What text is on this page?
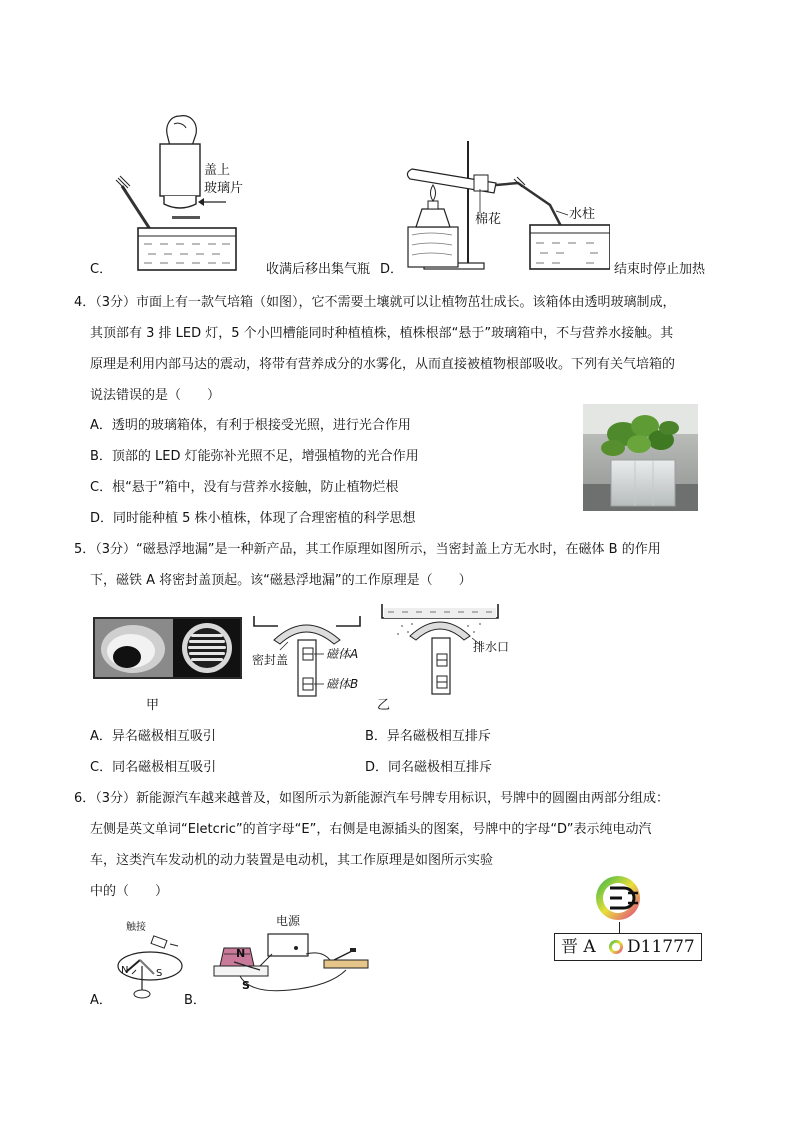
盖上
玻璃片
棉花	水柱
C．	收满后移出集气瓶 D．	结束时停止加热
4．（3分）市面上有一款气培箱（如图），它不需要土壤就可以让植物茁壮成长。该箱体由透明玻璃制成，
其顶部有 3 排 LED 灯，5 个小凹槽能同时种植植株，植株根部“悬于”玻璃箱中，不与营养水接触。其
原理是利用内部马达的震动，将带有营养成分的水雾化，从而直接被植物根部吸收。下列有关气培箱的
说法错误的是（　　）
A．透明的玻璃箱体，有利于根接受光照，进行光合作用
B．顶部的 LED 灯能弥补光照不足，增强植物的光合作用
C．根“悬于”箱中，没有与营养水接触，防止植物烂根
D．同时能种植 5 株小植株，体现了合理密植的科学思想
5．（3分）“磁悬浮地漏”是一种新产品，其工作原理如图所示，当密封盖上方无水时，在磁体 B 的作用
下，磁铁 A 将密封盖顶起。该“磁悬浮地漏”的工作原理是（　　）
密封盖	磁体A
磁体B
排水口
甲	乙
A．异名磁极相互吸引	B．异名磁极相互排斥
C．同名磁极相互吸引	D．同名磁极相互排斥
6．（3分）新能源汽车越来越普及，如图所示为新能源汽车号牌专用标识，号牌中的圆圈由两部分组成：
左侧是英文单词“Eletcric”的首字母“E”，右侧是电源插头的图案，号牌中的字母“D”表示纯电动汽
车，这类汽车发动机的动力装置是电动机，其工作原理是如图所示实验
中的（　　）
晋 A D11777
触接
N	S
电源
N
S
A．	B．
